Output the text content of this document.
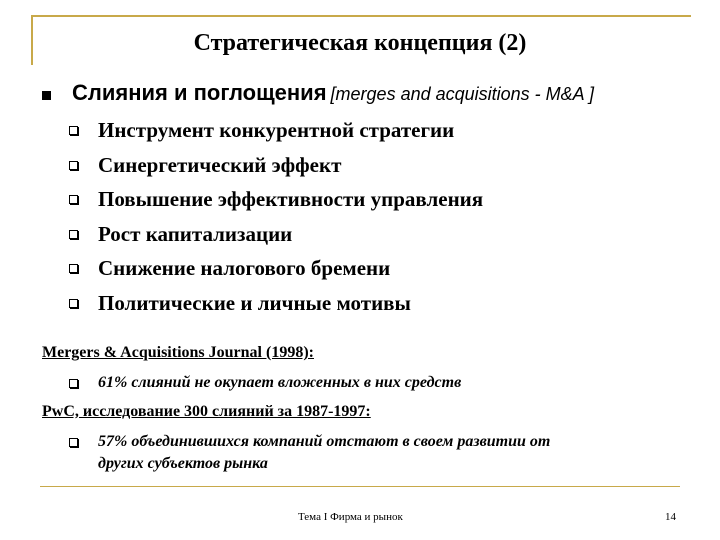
Стратегическая концепция (2)
Слияния и поглощения [merges and acquisitions - M&A ]
Инструмент конкурентной стратегии
Синергетический эффект
Повышение эффективности управления
Рост капитализации
Снижение налогового бремени
Политические и личные мотивы
Mergers & Acquisitions Journal (1998):
61% слияний не окупает вложенных в них средств
PwC, исследование 300 слияний за 1987-1997:
57% объединившихся компаний отстают в своем развитии от
других субъектов рынка
Тема I Фирма и рынок	14
